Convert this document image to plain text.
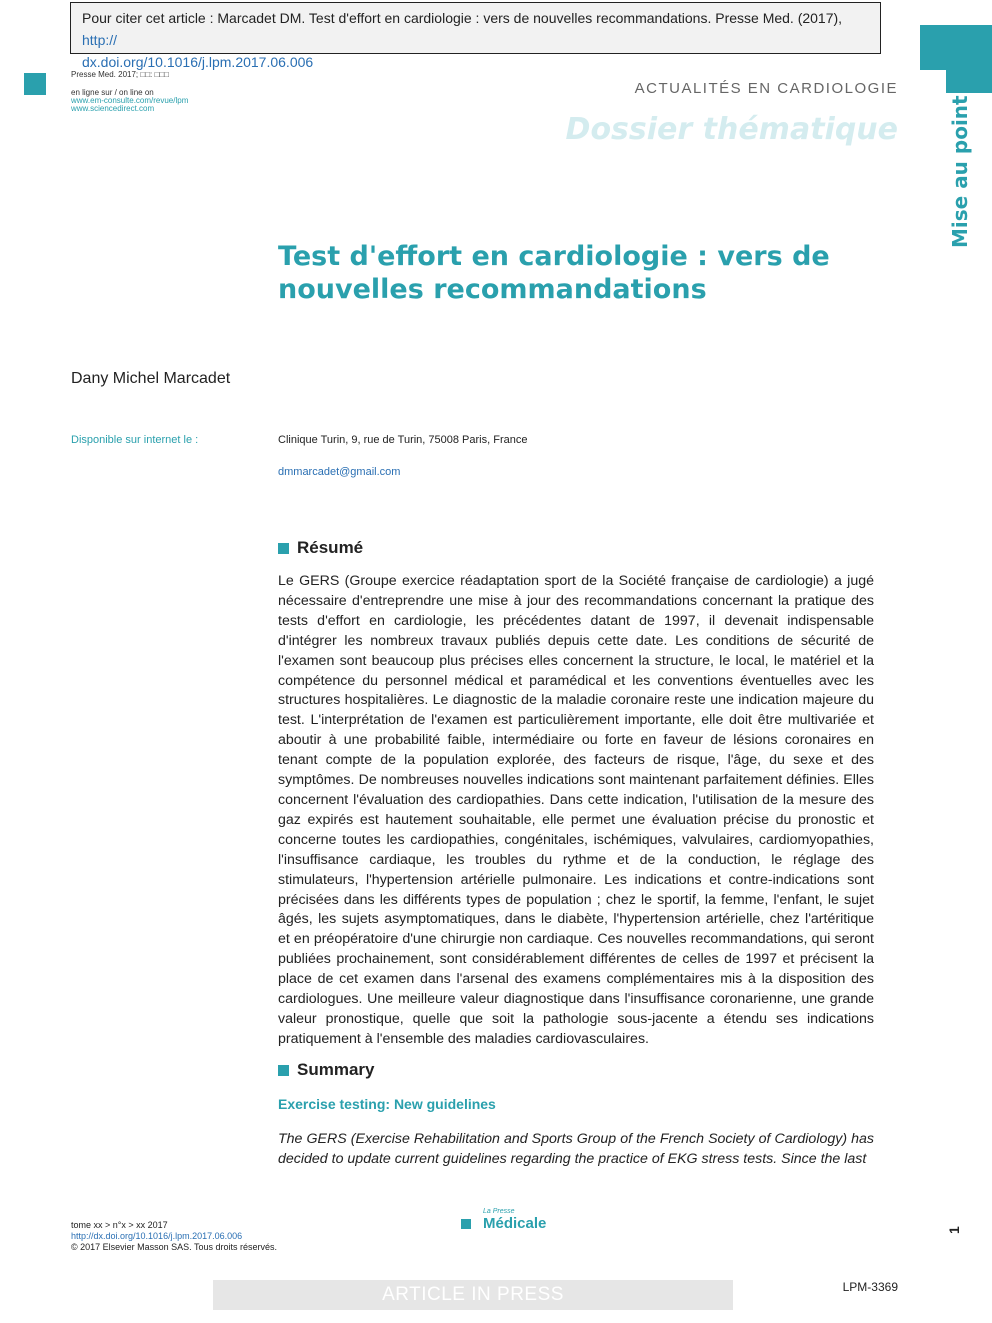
Pour citer cet article : Marcadet DM. Test d'effort en cardiologie : vers de nouvelles recommandations. Presse Med. (2017), http://
dx.doi.org/10.1016/j.lpm.2017.06.006
Presse Med. 2017; □□: □□□
en ligne sur / on line on
www.em-consulte.com/revue/lpm
www.sciencedirect.com
ACTUALITÉS EN CARDIOLOGIE
Dossier thématique	Mise au point
Test d'effort en cardiologie : vers de nouvelles recommandations
Dany Michel Marcadet
Disponible sur internet le :	Clinique Turin, 9, rue de Turin, 75008 Paris, France
dmmarcadet@gmail.com
Résumé
Le GERS (Groupe exercice réadaptation sport de la Société française de cardiologie) a jugé nécessaire d'entreprendre une mise à jour des recommandations concernant la pratique des tests d'effort en cardiologie, les précédentes datant de 1997, il devenait indispensable d'intégrer les nombreux travaux publiés depuis cette date. Les conditions de sécurité de l'examen sont beaucoup plus précises elles concernent la structure, le local, le matériel et la compétence du personnel médical et paramédical et les conventions éventuelles avec les structures hospitalières. Le diagnostic de la maladie coronaire reste une indication majeure du test. L'interprétation de l'examen est particulièrement importante, elle doit être multivariée et aboutir à une probabilité faible, intermédiaire ou forte en faveur de lésions coronaires en tenant compte de la population explorée, des facteurs de risque, l'âge, du sexe et des symptômes. De nombreuses nouvelles indications sont maintenant parfaitement définies. Elles concernent l'évaluation des cardiopathies. Dans cette indication, l'utilisation de la mesure des gaz expirés est hautement souhaitable, elle permet une évaluation précise du pronostic et concerne toutes les cardiopathies, congénitales, ischémiques, valvulaires, cardiomyopathies, l'insuffisance cardiaque, les troubles du rythme et de la conduction, le réglage des stimulateurs, l'hypertension artérielle pulmonaire. Les indications et contre-indications sont précisées dans les différents types de population ; chez le sportif, la femme, l'enfant, le sujet âgés, les sujets asymptomatiques, dans le diabète, l'hypertension artérielle, chez l'artéritique et en préopératoire d'une chirurgie non cardiaque. Ces nouvelles recommandations, qui seront publiées prochainement, sont considérablement différentes de celles de 1997 et précisent la place de cet examen dans l'arsenal des examens complémentaires mis à la disposition des cardiologues. Une meilleure valeur diagnostique dans l'insuffisance coronarienne, une grande valeur pronostique, quelle que soit la pathologie sous-jacente a étendu ses indications pratiquement à l'ensemble des maladies cardiovasculaires.
Summary
Exercise testing: New guidelines
The GERS (Exercise Rehabilitation and Sports Group of the French Society of Cardiology) has decided to update current guidelines regarding the practice of EKG stress tests. Since the last
tome xx > n°x > xx 2017
http://dx.doi.org/10.1016/j.lpm.2017.06.006
© 2017 Elsevier Masson SAS. Tous droits réservés.
La Presse
Médicale	1
ARTICLE IN PRESS	LPM-3369
